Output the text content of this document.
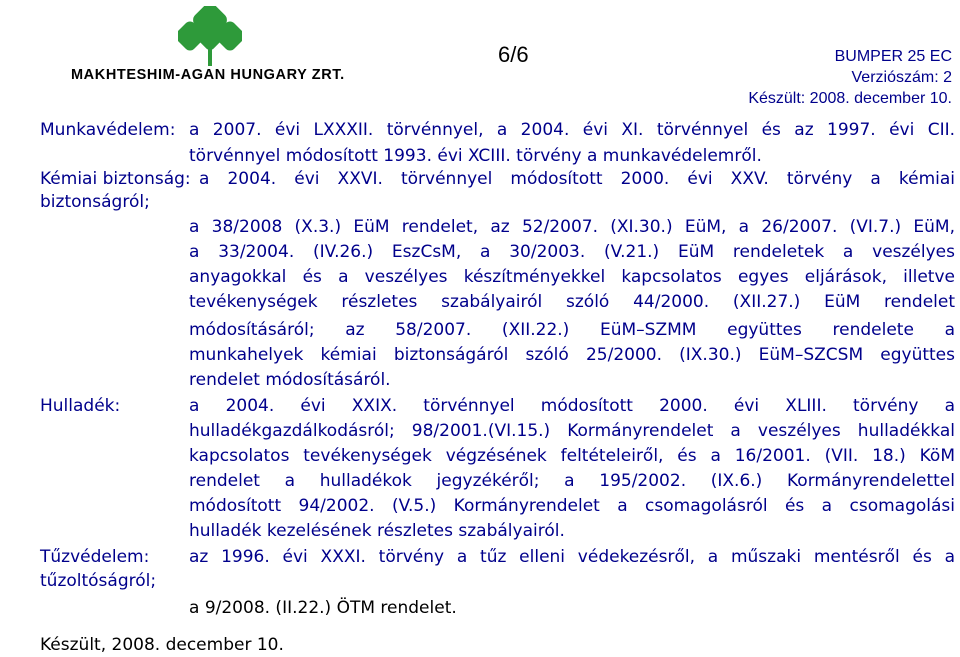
MAKHTESHIM-AGAN HUNGARY ZRT.
6/6	BUMPER 25 EC
Verziószám: 2
Készült: 2008. december 10.
Munkavédelem: a 2007. évi LXXXII. törvénnyel, a 2004. évi XI. törvénnyel és az 1997. évi CII.
törvénnyel módosított 1993. évi XCIII. törvény a munkavédelemről.
Kémiai biztonság: a 2004. évi XXVI. törvénnyel módosított 2000. évi XXV. törvény a kémiai
biztonságról;
a 38/2008 (X.3.) EüM rendelet, az 52/2007. (XI.30.) EüM, a 26/2007. (VI.7.) EüM,
a 33/2004. (IV.26.) EszCsM, a 30/2003. (V.21.) EüM rendeletek a veszélyes
anyagokkal és a veszélyes készítményekkel kapcsolatos egyes eljárások, illetve
tevékenységek részletes szabályairól szóló 44/2000. (XII.27.) EüM rendelet
módosításáról; az 58/2007. (XII.22.) EüM–SZMM együttes rendelete a
munkahelyek kémiai biztonságáról szóló 25/2000. (IX.30.) EüM–SZCSM együttes
rendelet módosításáról.
Hulladék:	a 2004. évi XXIX. törvénnyel módosított 2000. évi XLIII. törvény a
hulladékgazdálkodásról; 98/2001.(VI.15.) Kormányrendelet a veszélyes hulladékkal
kapcsolatos tevékenységek végzésének feltételeiről, és a 16/2001. (VII. 18.) KöM
rendelet a hulladékok jegyzékéről; a 195/2002. (IX.6.) Kormányrendelettel
módosított 94/2002. (V.5.) Kormányrendelet a csomagolásról és a csomagolási
hulladék kezelésének részletes szabályairól.
Tűzvédelem: az 1996. évi XXXI. törvény a tűz elleni védekezésről, a műszaki mentésről és a
tűzoltóságról;
a 9/2008. (II.22.) ÖTM rendelet.
Készült, 2008. december 10.
